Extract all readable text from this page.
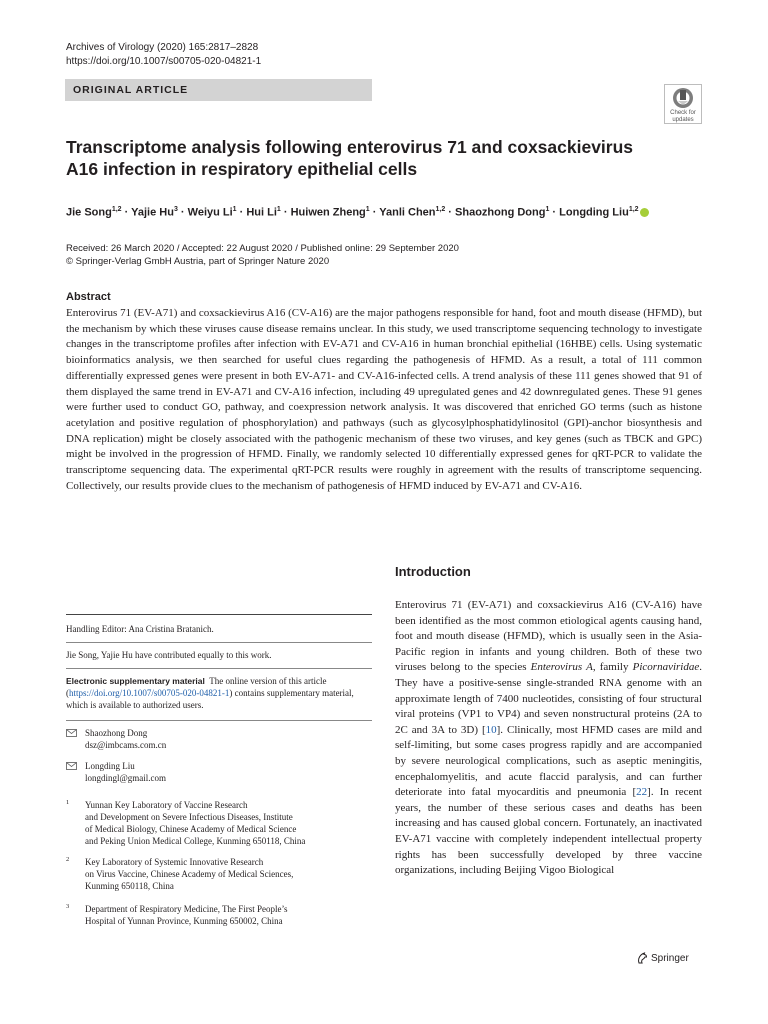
Archives of Virology (2020) 165:2817–2828
https://doi.org/10.1007/s00705-020-04821-1
ORIGINAL ARTICLE
Check for updates
Transcriptome analysis following enterovirus 71 and coxsackievirus
A16 infection in respiratory epithelial cells
Jie Song$^{1,2}$ · Yajie $Hu^3$ · Weiyu $Li^1$ · Hui $Li^1$ · Huiwen Zheng$^1$ · Yanli Chen$^{1,2}$ · Shaozhong Dong$^1$ · Longding Liu$^{1,2}$
Received: 26 March 2020 / Accepted: 22 August 2020 / Published online: 29 September 2020
© Springer-Verlag GmbH Austria, part of Springer Nature 2020
Abstract
Enterovirus 71 (EV-A71) and coxsackievirus A16 (CV-A16) are the major pathogens responsible for hand, foot and mouth disease (HFMD), but the mechanism by which these viruses cause disease remains unclear. In this study, we used transcriptome sequencing technology to investigate changes in the transcriptome profiles after infection with EV-A71 and CV-A16 in human bronchial epithelial (16HBE) cells. Using systematic bioinformatics analysis, we then searched for useful clues regarding the pathogenesis of HFMD. As a result, a total of 111 common differentially expressed genes were present in both EV-A71- and CV-A16-infected cells. A trend analysis of these 111 genes showed that 91 of them displayed the same trend in EV-A71 and CV-A16 infection, including 49 upregulated genes and 42 downregulated genes. These 91 genes were further used to conduct GO, pathway, and coexpression network analysis. It was discovered that enriched GO terms (such as histone acetylation and positive regulation of phosphorylation) and pathways (such as glycosylphosphatidylinositol (GPI)-anchor biosynthesis and DNA replication) might be closely associated with the pathogenic mechanism of these two viruses, and key genes (such as TBCK and GPC) might be involved in the progression of HFMD. Finally, we randomly selected 10 differentially expressed genes for qRT-PCR to validate the transcriptome sequencing data. The experimental qRT-PCR results were roughly in agreement with the results of transcriptome sequencing. Collectively, our results provide clues to the mechanism of pathogenesis of HFMD induced by EV-A71 and CV-A16.
Introduction
Enterovirus 71 (EV-A71) and coxsackievirus A16 (CV-A16) have been identified as the most common etiological agents causing hand, foot and mouth disease (HFMD), which is usually seen in the Asia-Pacific region in infants and young children. Both of these two viruses belong to the species Enterovirus A, family Picornaviridae. They have a positive-sense single-stranded RNA genome with an approximate length of 7400 nucleotides, consisting of four structural viral proteins (VP1 to VP4) and seven nonstructural proteins (2A to 2C and 3A to 3D) [10]. Clinically, most HFMD cases are mild and self-limiting, but some cases progress rapidly and are accompanied by severe neurological complications, such as aseptic meningitis, encephalomyelitis, and acute flaccid paralysis, and can further deteriorate into fatal myocarditis and pneumonia [22]. In recent years, the number of these serious cases and deaths has been increasing and has caused global concern. Fortunately, an inactivated EV-A71 vaccine with completely independent intellectual property rights has been successfully developed by three vaccine organizations, including Beijing Vigoo Biological
Handling Editor: Ana Cristina Bratanich.
Jie Song, Yajie Hu have contributed equally to this work.
Electronic supplementary material The online version of this article (https://doi.org/10.1007/s00705-020-04821-1) contains supplementary material, which is available to authorized users.
Shaozhong Dong
dsz@imbcams.com.cn
Longding Liu
longdingl@gmail.com
1 Yunnan Key Laboratory of Vaccine Research
and Development on Severe Infectious Diseases, Institute
of Medical Biology, Chinese Academy of Medical Science
and Peking Union Medical College, Kunming 650118, China
2 Key Laboratory of Systemic Innovative Research
on Virus Vaccine, Chinese Academy of Medical Sciences,
Kunming 650118, China
3 Department of Respiratory Medicine, The First People’s
Hospital of Yunnan Province, Kunming 650002, China
Springer
